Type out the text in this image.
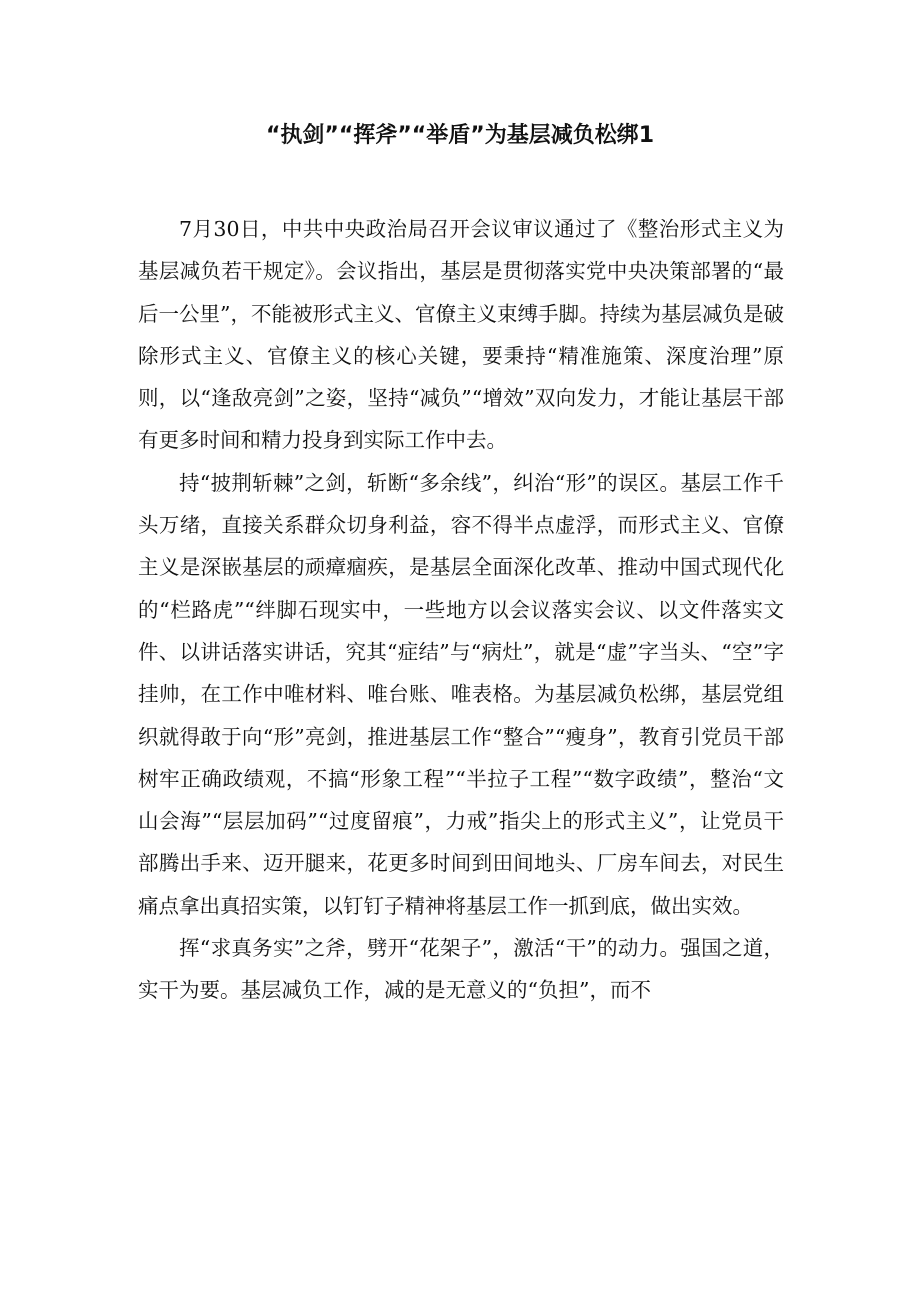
“执剑”“挥斧”“举盾”为基层减负松绑1

7月30日，中共中央政治局召开会议审议通过了《整治形式主义为基层减负若干规定》。会议指出，基层是贯彻落实党中央决策部署的“最后一公里”，不能被形式主义、官僚主义束缚手脚。持续为基层减负是破除形式主义、官僚主义的核心关键，要秉持“精准施策、深度治理”原则，以“逢敌亮剑”之姿，坚持“减负”“增效”双向发力，才能让基层干部有更多时间和精力投身到实际工作中去。

持“披荆斩棘”之剑，斩断“多余线”，纠治“形”的误区。基层工作千头万绪，直接关系群众切身利益，容不得半点虚浮，而形式主义、官僚主义是深嵌基层的顽瘴痼疾，是基层全面深化改革、推动中国式现代化的“栏路虎”“绊脚石现实中，一些地方以会议落实会议、以文件落实文件、以讲话落实讲话，究其“症结”与“病灶”，就是“虚”字当头、“空”字挂帅，在工作中唯材料、唯台账、唯表格。为基层减负松绑，基层党组织就得敢于向“形”亮剑，推进基层工作“整合”“瘦身”，教育引党员干部树牢正确政绩观，不搞“形象工程”“半拉子工程”“数字政绩”，整治“文山会海”“层层加码”“过度留痕”，力戒”指尖上的形式主义”，让党员干部腾出手来、迈开腿来，花更多时间到田间地头、厂房车间去，对民生痛点拿出真招实策，以钉钉子精神将基层工作一抓到底，做出实效。

挥“求真务实”之斧，劈开“花架子”，激活“干”的动力。强国之道，实干为要。基层减负工作，减的是无意义的“负担”，而不
